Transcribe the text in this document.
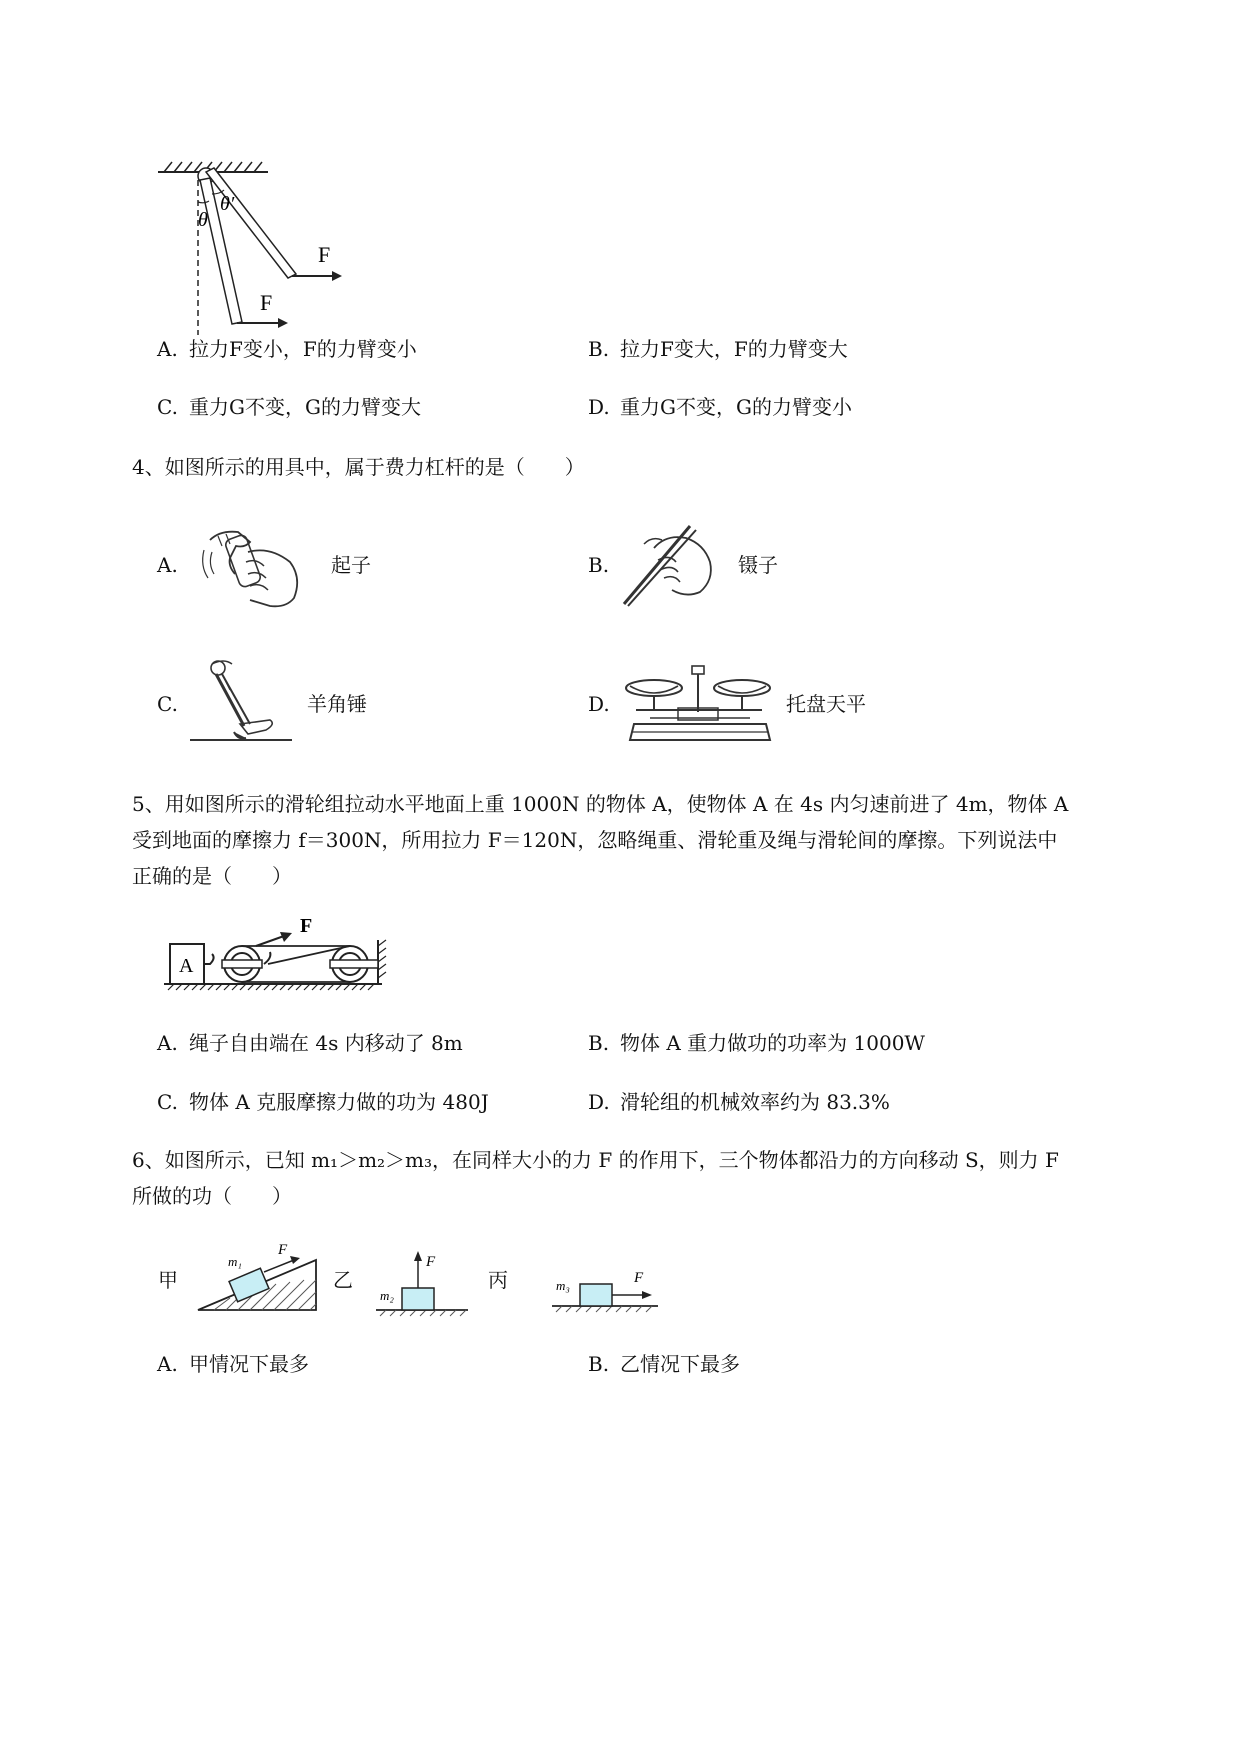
θ
θ′
F
F
A. 拉力F变小，F的力臂变小	B. 拉力F变大，F的力臂变大
C. 重力G不变，G的力臂变大	D. 重力G不变，G的力臂变小
4、如图所示的用具中，属于费力杠杆的是（　　）
A.	起子	B.	镊子
C.	羊角锤	D.	托盘天平
5、用如图所示的滑轮组拉动水平地面上重 1000N 的物体 A，使物体 A 在 4s 内匀速前进了 4m，物体 A
受到地面的摩擦力 f＝300N，所用拉力 F＝120N，忽略绳重、滑轮重及绳与滑轮间的摩擦。下列说法中
正确的是（　　）
A
F
A. 绳子自由端在 4s 内移动了 8m	B. 物体 A 重力做功的功率为 1000W
C. 物体 A 克服摩擦力做的功为 480J	D. 滑轮组的机械效率约为 83.3%
6、如图所示，已知 m₁＞m₂＞m₃，在同样大小的力 F 的作用下，三个物体都沿力的方向移动 S，则力 F
所做的功（　　）
甲	乙	丙
m₁
F
m₂
F
m₃	F
A. 甲情况下最多	B. 乙情况下最多
